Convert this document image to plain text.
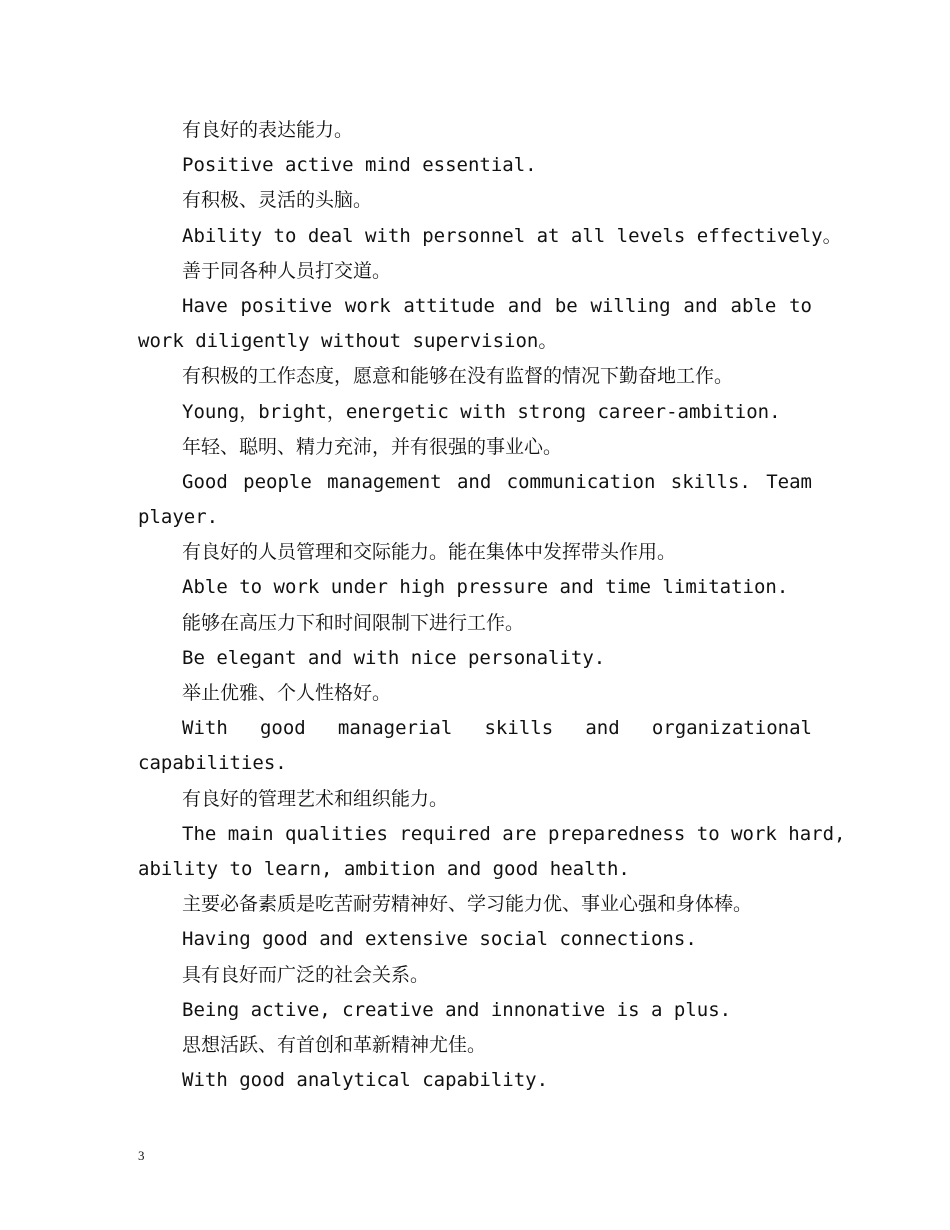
有良好的表达能力。
Positive active mind essential.
有积极、灵活的头脑。
Ability to deal with personnel at all levels effectively。
善于同各种人员打交道。
Have positive work attitude and be willing and able to
work diligently without supervision。
有积极的工作态度，愿意和能够在没有监督的情况下勤奋地工作。
Young，bright，energetic with strong career-ambition.
年轻、聪明、精力充沛，并有很强的事业心。
Good people management and communication skills. Team
player.
有良好的人员管理和交际能力。能在集体中发挥带头作用。
Able to work under high pressure and time limitation.
能够在高压力下和时间限制下进行工作。
Be elegant and with nice personality.
举止优雅、个人性格好。
With good managerial skills and organizational
capabilities.
有良好的管理艺术和组织能力。
The main qualities required are preparedness to work hard,
ability to learn, ambition and good health.
主要必备素质是吃苦耐劳精神好、学习能力优、事业心强和身体棒。
Having good and extensive social connections.
具有良好而广泛的社会关系。
Being active, creative and innonative is a plus.
思想活跃、有首创和革新精神尤佳。
With good analytical capability.
3
